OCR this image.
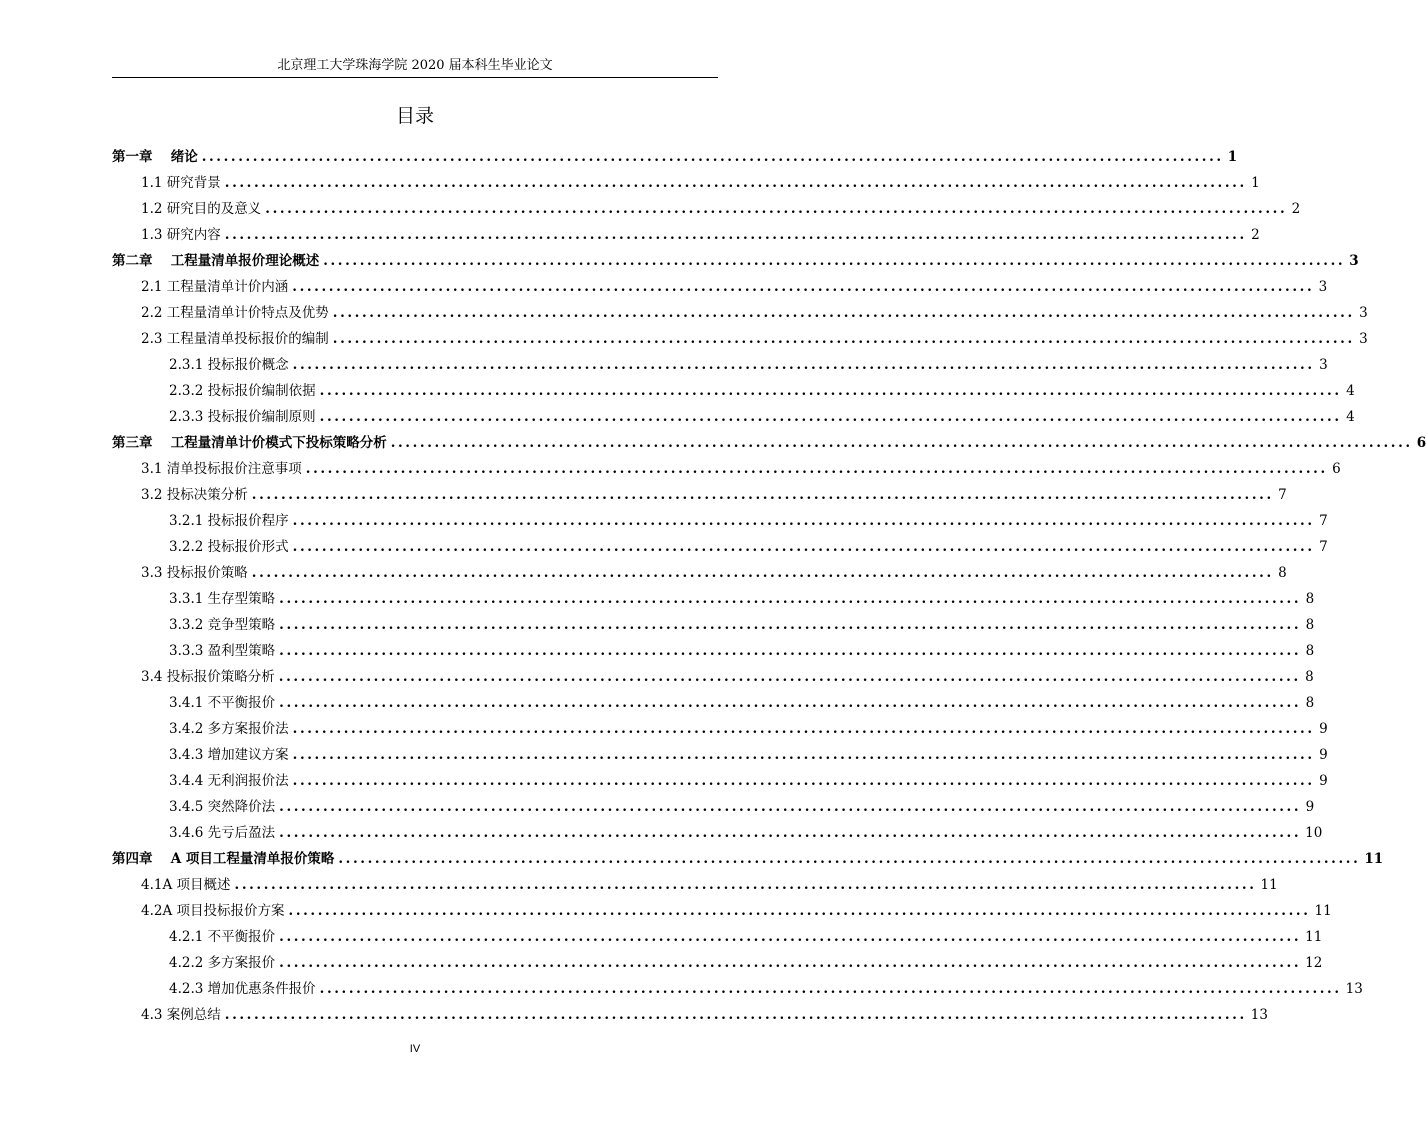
北京理工大学珠海学院 2020 届本科生毕业论文
目录
第一章　 绪论 ............................................................................................................................................ 1
1.1 研究背景 ............................................................................................................................................ 1
1.2 研究目的及意义 ............................................................................................................................................ 2
1.3 研究内容 ............................................................................................................................................ 2
第二章　 工程量清单报价理论概述 ............................................................................................................................................ 3
2.1 工程量清单计价内涵 ............................................................................................................................................ 3
2.2 工程量清单计价特点及优势 ............................................................................................................................................ 3
2.3 工程量清单投标报价的编制 ............................................................................................................................................ 3
2.3.1 投标报价概念 ............................................................................................................................................ 3
2.3.2 投标报价编制依据 ............................................................................................................................................ 4
2.3.3 投标报价编制原则 ............................................................................................................................................ 4
第三章　 工程量清单计价模式下投标策略分析 ............................................................................................................................................ 6
3.1 清单投标报价注意事项 ............................................................................................................................................ 6
3.2 投标决策分析 ............................................................................................................................................ 7
3.2.1 投标报价程序 ............................................................................................................................................ 7
3.2.2 投标报价形式 ............................................................................................................................................ 7
3.3 投标报价策略 ............................................................................................................................................ 8
3.3.1 生存型策略 ............................................................................................................................................ 8
3.3.2 竞争型策略 ............................................................................................................................................ 8
3.3.3 盈利型策略 ............................................................................................................................................ 8
3.4 投标报价策略分析 ............................................................................................................................................ 8
3.4.1 不平衡报价 ............................................................................................................................................ 8
3.4.2 多方案报价法 ............................................................................................................................................ 9
3.4.3 增加建议方案 ............................................................................................................................................ 9
3.4.4 无利润报价法 ............................................................................................................................................ 9
3.4.5 突然降价法 ............................................................................................................................................ 9
3.4.6 先亏后盈法 ............................................................................................................................................ 10
第四章　 A 项目工程量清单报价策略 ............................................................................................................................................ 11
4.1A 项目概述 ............................................................................................................................................ 11
4.2A 项目投标报价方案 ............................................................................................................................................ 11
4.2.1 不平衡报价 ............................................................................................................................................ 11
4.2.2 多方案报价 ............................................................................................................................................ 12
4.2.3 增加优惠条件报价 ............................................................................................................................................ 13
4.3 案例总结 ............................................................................................................................................ 13
IV
